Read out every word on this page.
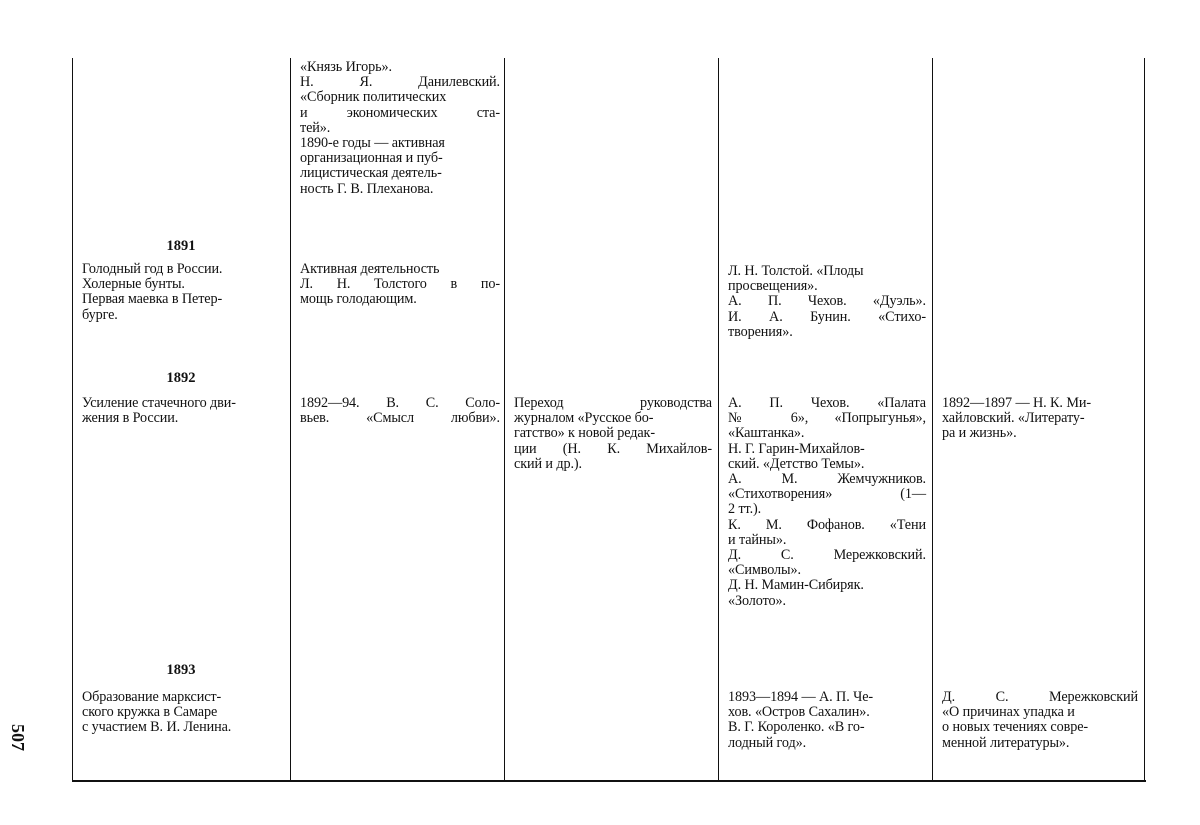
507
«Князь Игорь».
Н. Я. Данилевский.
«Сборник политических
и экономических ста-
тей».
1890-е годы — активная
организационная и пуб-
лицистическая деятель-
ность Г. В. Плеханова.
1891
Голодный год в России.
Холерные бунты.
Первая маевка в Петер-
бурге.
Активная деятельность
Л. Н. Толстого в по-
мощь голодающим.
Л. Н. Толстой. «Плоды
просвещения».
А. П. Чехов. «Дуэль».
И. А. Бунин. «Стихо-
творения».
1892
Усиление стачечного дви-
жения в России.
1892—94. В. С. Соло-
вьев. «Смысл любви».
Переход руководства
журналом «Русское бо-
гатство» к новой редак-
ции (Н. К. Михайлов-
ский и др.).
А. П. Чехов. «Палата
№ 6», «Попрыгунья»,
«Каштанка».
Н. Г. Гарин-Михайлов-
ский. «Детство Темы».
А. М. Жемчужников.
«Стихотворения» (1—
2 тт.).
К. М. Фофанов. «Тени
и тайны».
Д. С. Мережковский.
«Символы».
Д. Н. Мамин-Сибиряк.
«Золото».
1892—1897 — Н. К. Ми-
хайловский. «Литерату-
ра и жизнь».
1893
Образование марксист-
ского кружка в Самаре
с участием В. И. Ленина.
1893—1894 — А. П. Че-
хов. «Остров Сахалин».
В. Г. Короленко. «В го-
лодный год».
Д. С. Мережковский
«О причинах упадка и
о новых течениях совре-
менной литературы».
